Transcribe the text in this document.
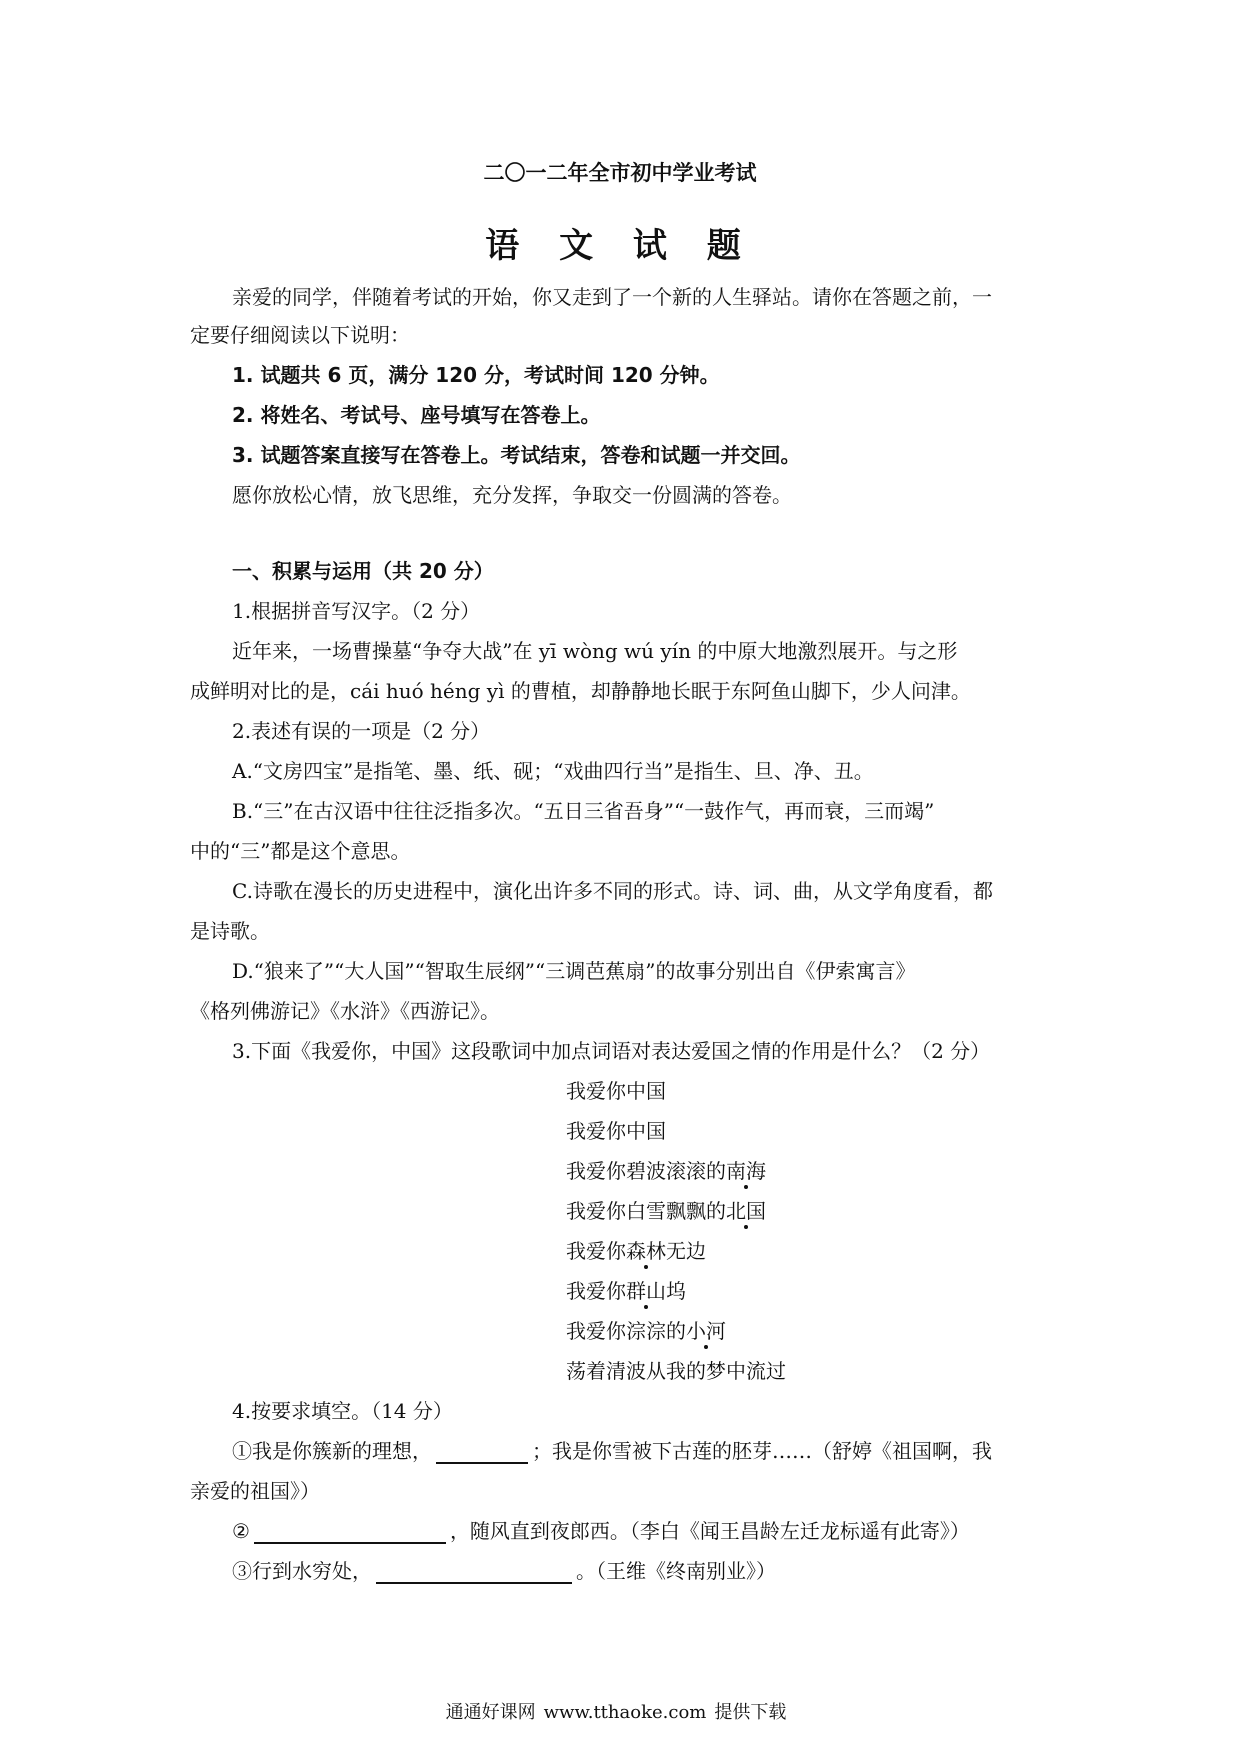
二〇一二年全市初中学业考试
语 文 试 题
亲爱的同学，伴随着考试的开始，你又走到了一个新的人生驿站。请你在答题之前，一
定要仔细阅读以下说明：
1. 试题共 6 页，满分 120 分，考试时间 120 分钟。
2. 将姓名、考试号、座号填写在答卷上。
3. 试题答案直接写在答卷上。考试结束，答卷和试题一并交回。
愿你放松心情，放飞思维，充分发挥，争取交一份圆满的答卷。
一、积累与运用（共 20 分）
1.根据拼音写汉字。（2 分）
近年来，一场曹操墓“争夺大战”在 yī wòng wú yín 的中原大地激烈展开。与之形
成鲜明对比的是，cái huó héng yì 的曹植，却静静地长眠于东阿鱼山脚下，少人问津。
2.表述有误的一项是（2 分）
A.“文房四宝”是指笔、墨、纸、砚；“戏曲四行当”是指生、旦、净、丑。
B.“三”在古汉语中往往泛指多次。“五日三省吾身”“一鼓作气，再而衰，三而竭”
中的“三”都是这个意思。
C.诗歌在漫长的历史进程中，演化出许多不同的形式。诗、词、曲，从文学角度看，都
是诗歌。
D.“狼来了”“大人国”“智取生辰纲”“三调芭蕉扇”的故事分别出自《伊索寓言》
《格列佛游记》《水浒》《西游记》。
3.下面《我爱你，中国》这段歌词中加点词语对表达爱国之情的作用是什么？（2 分）
我爱你中国
我爱你中国
我爱你碧波滚滚的南海
我爱你白雪飘飘的北国
我爱你森林无边
我爱你群山坞
我爱你淙淙的小河
荡着清波从我的梦中流过
4.按要求填空。（14 分）
①我是你簇新的理想，	；我是你雪被下古莲的胚芽……（舒婷《祖国啊，我
亲爱的祖国》）
②	，随风直到夜郎西。（李白《闻王昌龄左迁龙标遥有此寄》）
③行到水穷处，	。（王维《终南别业》）
通通好课网 www.tthaoke.com 提供下载
